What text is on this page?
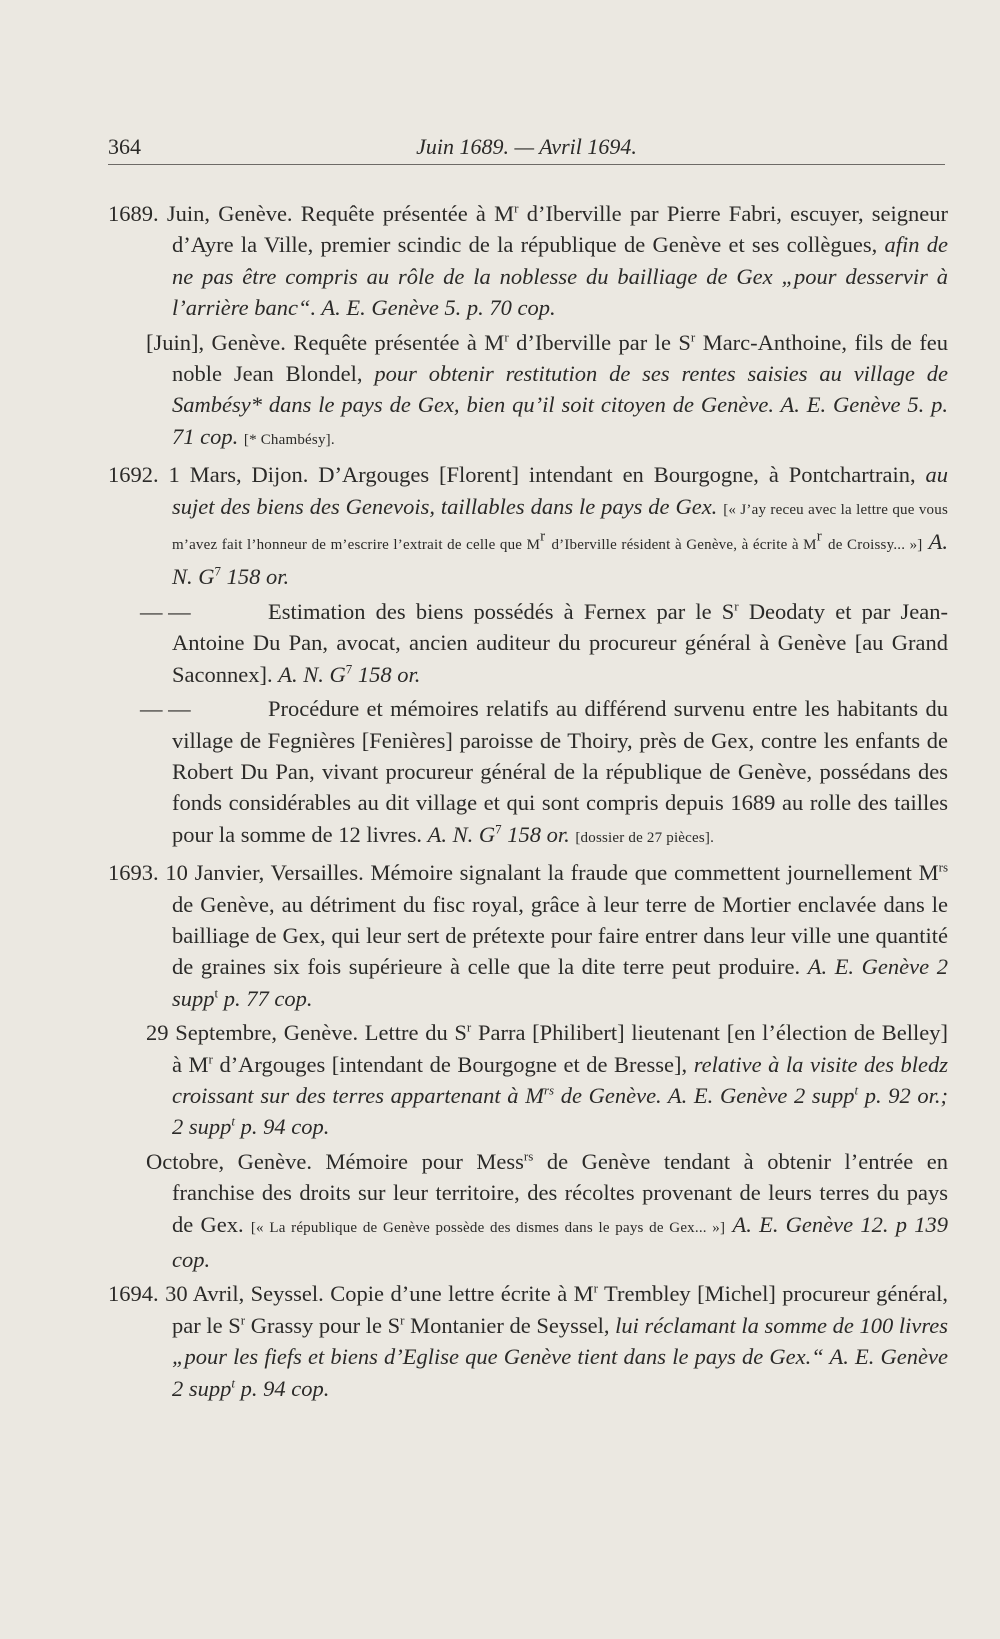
364	Juin 1689. — Avril 1694.

1689. Juin, Genève. Requête présentée à $M^r$ d’Iberville par Pierre Fabri, escuyer, seigneur d’Ayre la Ville, premier scindic de la république de Genève et ses collègues, afin de ne pas être compris au rôle de la noblesse du bailliage de Gex „pour desservir à l’arrière banc“. A. E. Genève 5. p. 70 cop.

[Juin], Genève. Requête présentée à $M^r$ d’Iberville par le $S^r$ Marc-Anthoine, fils de feu noble Jean Blondel, pour obtenir restitution de ses rentes saisies au village de Sambésy* dans le pays de Gex, bien qu’il soit citoyen de Genève. A. E. Genève 5. p. 71 cop. [* Chambésy].

1692. 1 Mars, Dijon. D’Argouges [Florent] intendant en Bourgogne, à Pontchartrain, au sujet des biens des Genevois, taillables dans le pays de Gex. [« J’ay receu avec la lettre que vous m’avez fait l’honneur de m’escrire l’extrait de celle que $M^r$ d’Iberville résident à Genève, à écrite à $M^r$ de Croissy... »] A. N. $G^7$ 158 or.

— —	Estimation des biens possédés à Fernex par le $S^r$ Deodaty et par Jean-Antoine Du Pan, avocat, ancien auditeur du procureur général à Genève [au Grand Saconnex]. A. N. $G^7$ 158 or.

— —	Procédure et mémoires relatifs au différend survenu entre les habitants du village de Fegnières [Fenières] paroisse de Thoiry, près de Gex, contre les enfants de Robert Du Pan, vivant procureur général de la république de Genève, possédans des fonds considérables au dit village et qui sont compris depuis 1689 au rolle des tailles pour la somme de 12 livres. A. N. $G^7$ 158 or. [dossier de 27 pièces].

1693. 10 Janvier, Versailles. Mémoire signalant la fraude que commettent journellement $M^{rs}$ de Genève, au détriment du fisc royal, grâce à leur terre de Mortier enclavée dans le bailliage de Gex, qui leur sert de prétexte pour faire entrer dans leur ville une quantité de graines six fois supérieure à celle que la dite terre peut produire. A. E. Genève 2 supp$^t$ p. 77 cop.

29 Septembre, Genève. Lettre du $S^r$ Parra [Philibert] lieutenant [en l’élection de Belley] à $M^r$ d’Argouges [intendant de Bourgogne et de Bresse], relative à la visite des bledz croissant sur des terres appartenant à $M^{rs}$ de Genève. A. E. Genève 2 supp$^t$ p. 92 or.; 2 supp$^t$ p. 94 cop.

Octobre, Genève. Mémoire pour Mess$^{rs}$ de Genève tendant à obtenir l’entrée en franchise des droits sur leur territoire, des récoltes provenant de leurs terres du pays de Gex. [« La république de Genève possède des dismes dans le pays de Gex... »] A. E. Genève 12. p 139 cop.

1694. 30 Avril, Seyssel. Copie d’une lettre écrite à $M^r$ Trembley [Michel] procureur général, par le $S^r$ Grassy pour le $S^r$ Montanier de Seyssel, lui réclamant la somme de 100 livres „pour les fiefs et biens d’Eglise que Genève tient dans le pays de Gex.“ A. E. Genève 2 supp$^t$ p. 94 cop.
